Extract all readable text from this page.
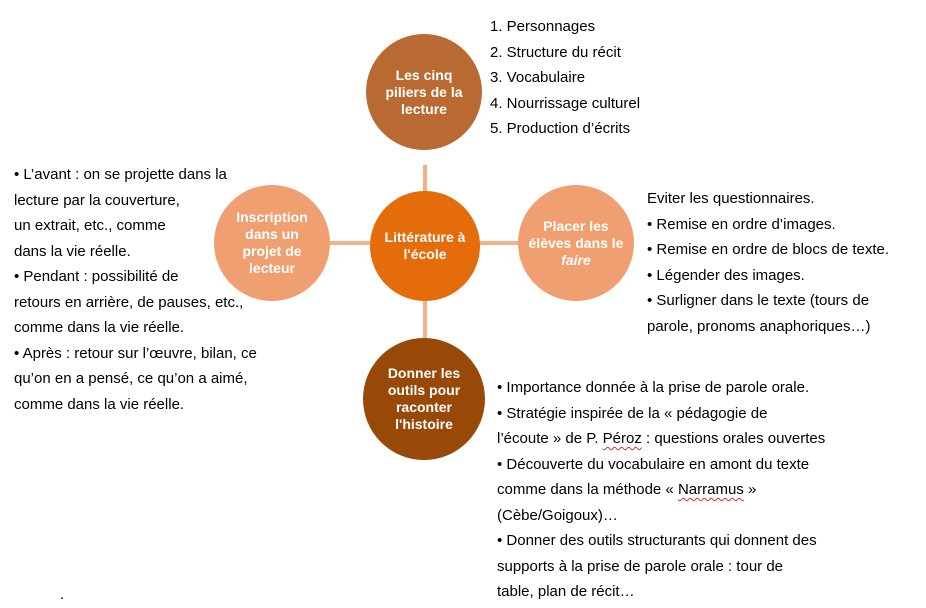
Les cinq piliers de la lecture
Littérature à l'école
Inscription dans un projet de lecteur
Placer les élèves dans le faire
Donner les outils pour raconter l'histoire
1. Personnages
2. Structure du récit
3. Vocabulaire
4. Nourrissage culturel
5. Production d’écrits
• L’avant : on se projette dans la
lecture par la couverture,
un extrait, etc., comme
dans la vie réelle.
• Pendant : possibilité de
retours en arrière, de pauses, etc.,
comme dans la vie réelle.
• Après : retour sur l’œuvre, bilan, ce
qu’on en a pensé, ce qu’on a aimé,
comme dans la vie réelle.
Eviter les questionnaires.
• Remise en ordre d’images.
• Remise en ordre de blocs de texte.
• Légender des images.
• Surligner dans le texte (tours de
parole, pronoms anaphoriques…)
• Importance donnée à la prise de parole orale.
• Stratégie inspirée de la « pédagogie de
l’écoute » de P. Péroz : questions orales ouvertes
• Découverte du vocabulaire en amont du texte
comme dans la méthode « Narramus »
(Cèbe/Goigoux)…
• Donner des outils structurants qui donnent des
supports à la prise de parole orale : tour de
table, plan de récit…
.
